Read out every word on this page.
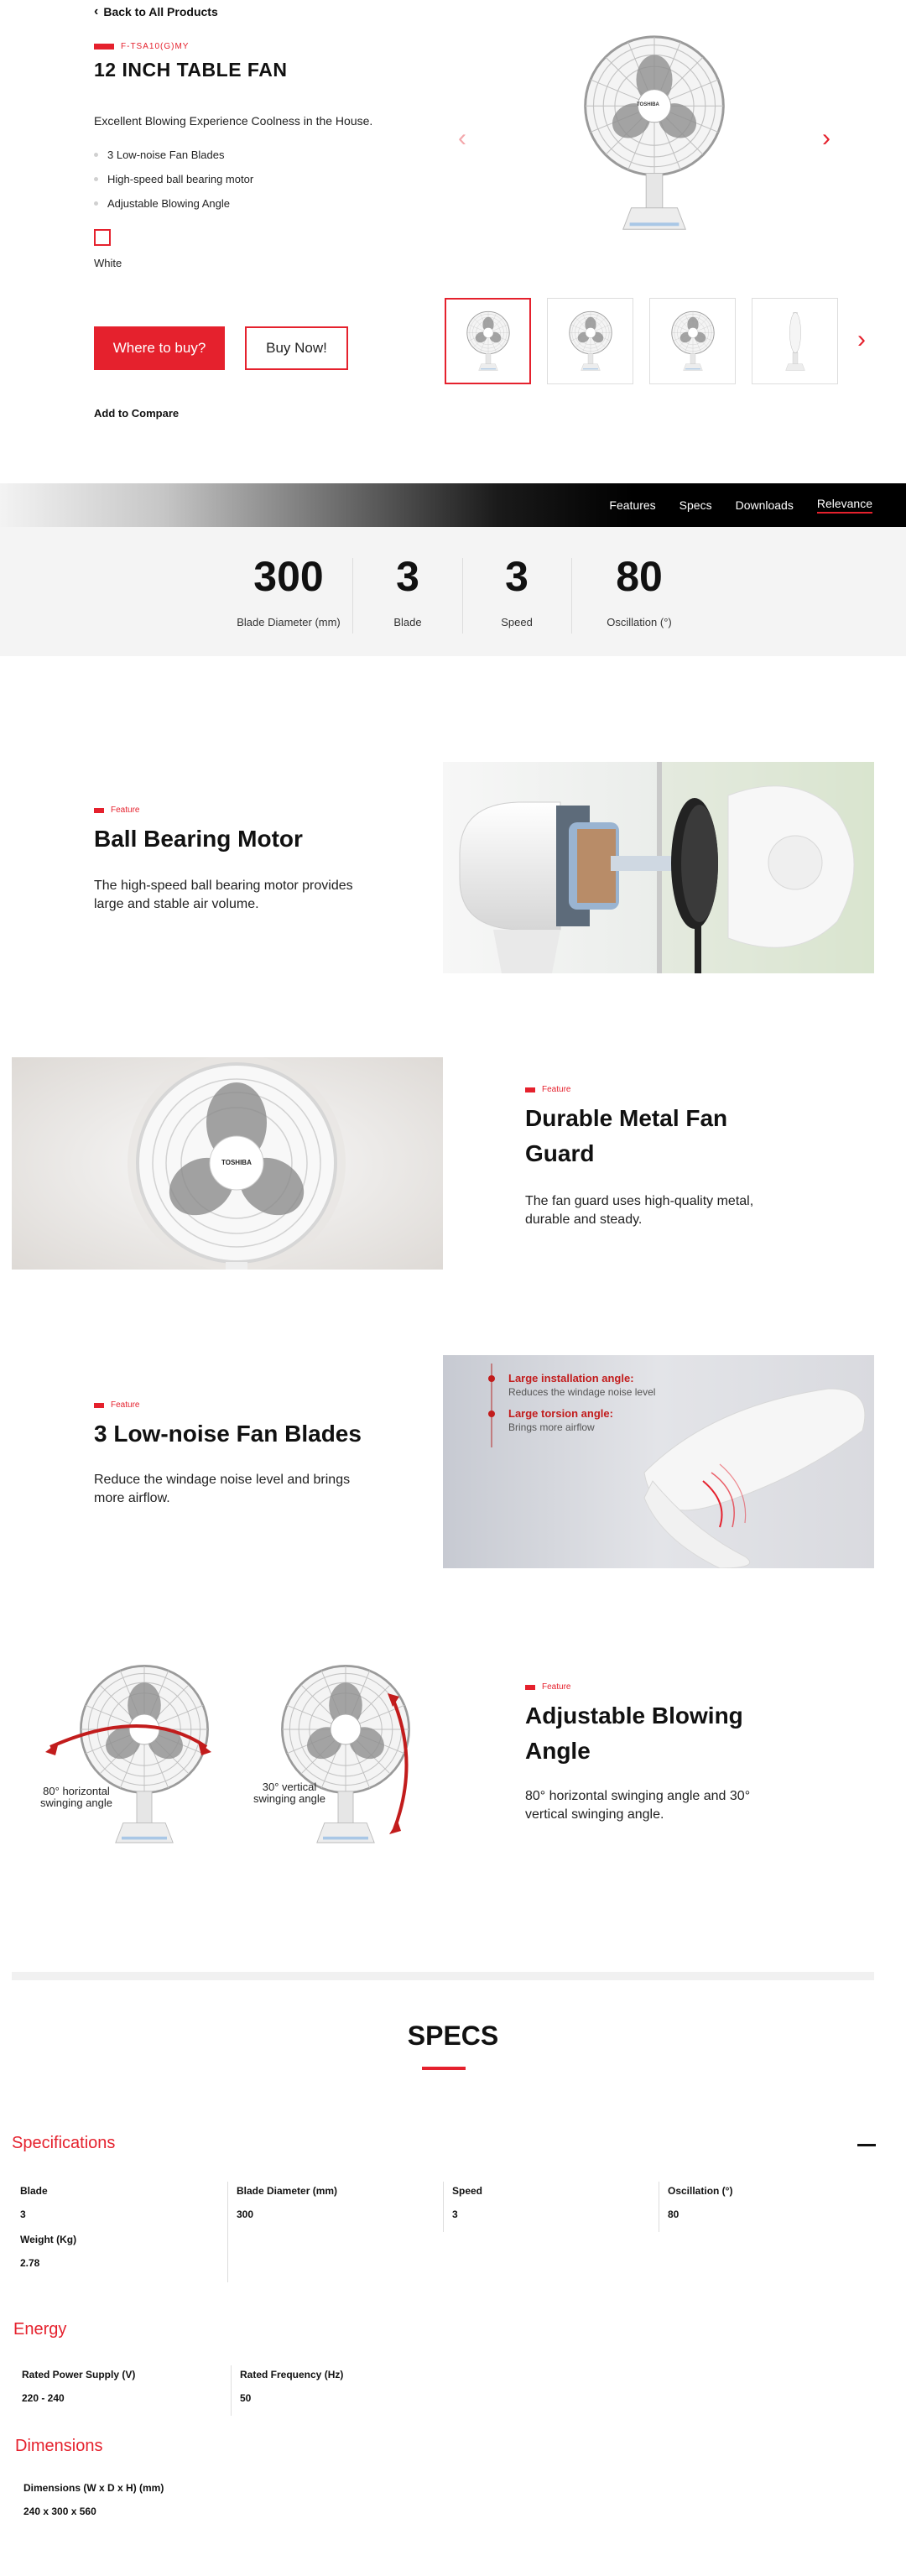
‹ Back to All Products
F-TSA10(G)MY
12 INCH TABLE FAN
Excellent Blowing Experience Coolness in the House.
3 Low-noise Fan Blades
High-speed ball bearing motor
Adjustable Blowing Angle
White
Where to buy?	Buy Now!
Add to Compare
‹
TOSHIBA
›
›
Features Specs Downloads Relevance
300
Blade Diameter (mm)
3
Blade
3
Speed
80
Oscillation (°)
Feature
Ball Bearing Motor
The high-speed ball bearing motor provides large and stable air volume.
TOSHIBA
Feature
Durable Metal Fan Guard
The fan guard uses high-quality metal, durable and steady.
Feature
3 Low-noise Fan Blades
Reduce the windage noise level and brings more airflow.
Large installation angle:
Reduces the windage noise level
Large torsion angle:
Brings more airflow
80° horizontal swinging angle
30° vertical swinging angle
Feature
Adjustable Blowing Angle
80° horizontal swinging angle and 30° vertical swinging angle.
SPECS
Specifications
Blade
3
Blade Diameter (mm)
300
Speed
3
Oscillation (°)
80
Weight (Kg)
2.78
Energy
Rated Power Supply (V)
220 - 240
Rated Frequency (Hz)
50
Dimensions
Dimensions (W x D x H) (mm)
240 x 300 x 560
